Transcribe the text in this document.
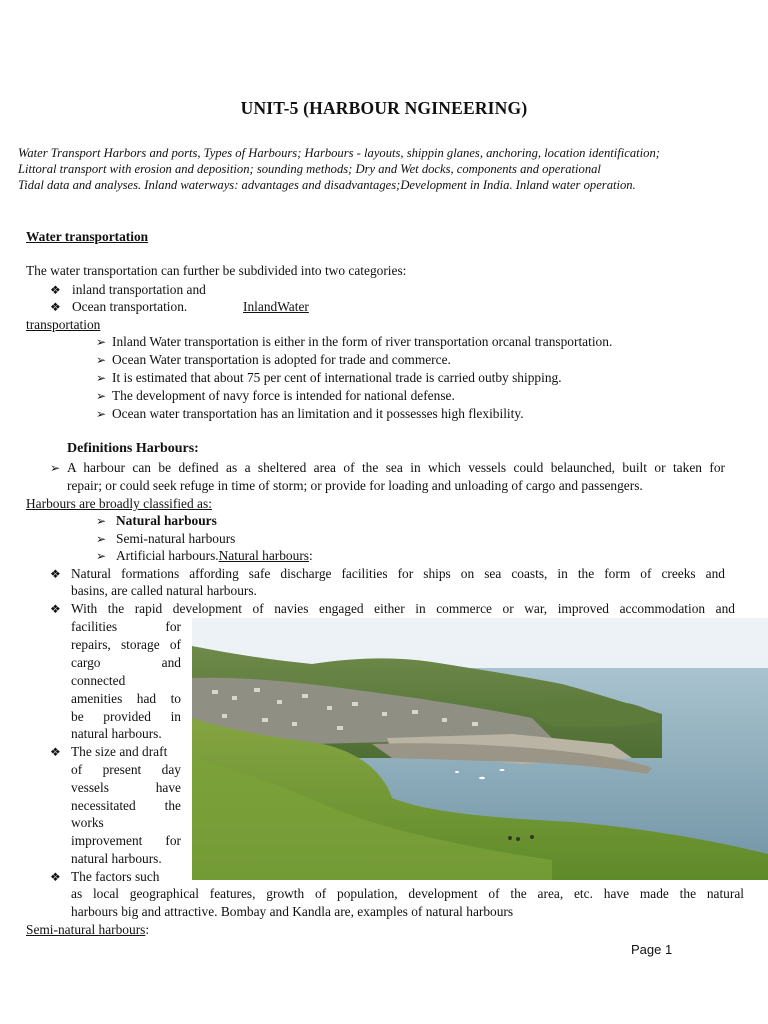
UNIT-5 (HARBOUR NGINEERING)
Water Transport Harbors and ports, Types of Harbours; Harbours - layouts, shippin glanes, anchoring, location identification;
Littoral transport with erosion and deposition; sounding methods; Dry and Wet docks, components and operational
Tidal data and analyses. Inland waterways: advantages and disadvantages;Development in India. Inland water operation.
Water transportation
The water transportation can further be subdivided into two categories:
❖ inland transportation and
❖ Ocean transportation.	InlandWater
transportation
➢ Inland Water transportation is either in the form of river transportation orcanal transportation.
➢ Ocean Water transportation is adopted for trade and commerce.
➢ It is estimated that about 75 per cent of international trade is carried outby shipping.
➢ The development of navy force is intended for national defense.
➢ Ocean water transportation has an limitation and it possesses high flexibility.
Definitions Harbours:
➢ A harbour can be defined as a sheltered area of the sea in which vessels could belaunched, built or taken for
repair; or could seek refuge in time of storm; or provide for loading and unloading of cargo and passengers.
Harbours are broadly classified as:
➢ Natural harbours
➢ Semi-natural harbours
➢ Artificial harbours.Natural harbours:
❖ Natural formations affording safe discharge facilities for ships on sea coasts, in the form of creeks and
basins, are called natural harbours.
❖ With the rapid development of navies engaged either in commerce or war, improved accommodation and
facilities for
repairs, storage of
cargo and
connected
amenities had to
be provided in
natural harbours.
❖ The size and draft
of present day
vessels have
necessitated the
works
improvement for
natural harbours.
❖ The factors such
as local geographical features, growth of population, development of the area, etc. have made the natural
harbours big and attractive. Bombay and Kandla are, examples of natural harbours
Semi-natural harbours:
Page 1
